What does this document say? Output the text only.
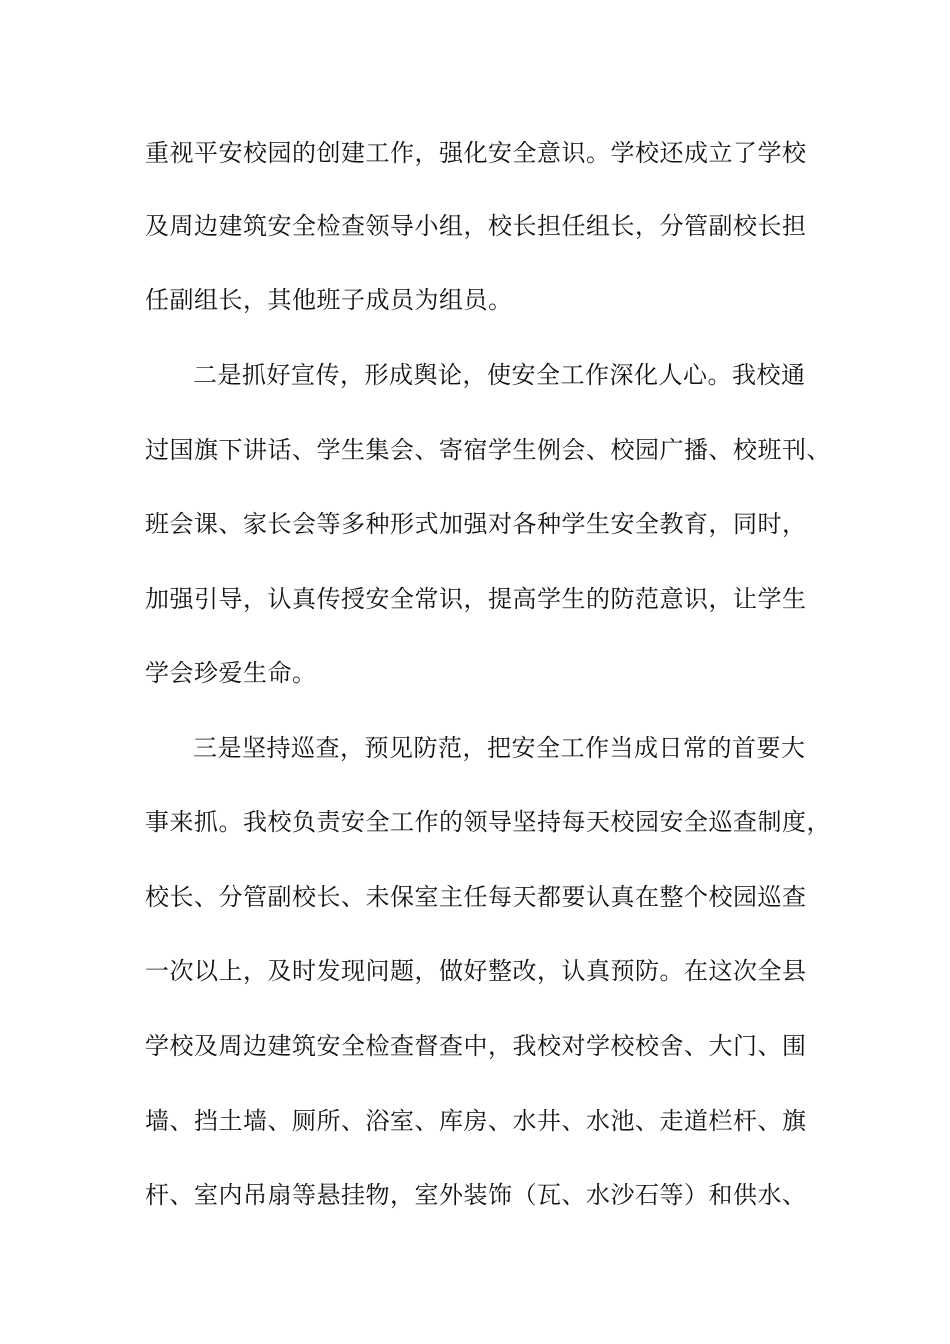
重视平安校园的创建工作，强化安全意识。学校还成立了学校
及周边建筑安全检查领导小组，校长担任组长，分管副校长担
任副组长，其他班子成员为组员。
二是抓好宣传，形成舆论，使安全工作深化人心。我校通
过国旗下讲话、学生集会、寄宿学生例会、校园广播、校班刊、
班会课、家长会等多种形式加强对各种学生安全教育，同时，
加强引导，认真传授安全常识，提高学生的防范意识，让学生
学会珍爱生命。
三是坚持巡查，预见防范，把安全工作当成日常的首要大
事来抓。我校负责安全工作的领导坚持每天校园安全巡查制度，
校长、分管副校长、未保室主任每天都要认真在整个校园巡查
一次以上，及时发现问题，做好整改，认真预防。在这次全县
学校及周边建筑安全检查督查中，我校对学校校舍、大门、围
墙、挡土墙、厕所、浴室、库房、水井、水池、走道栏杆、旗
杆、室内吊扇等悬挂物，室外装饰（瓦、水沙石等）和供水、
